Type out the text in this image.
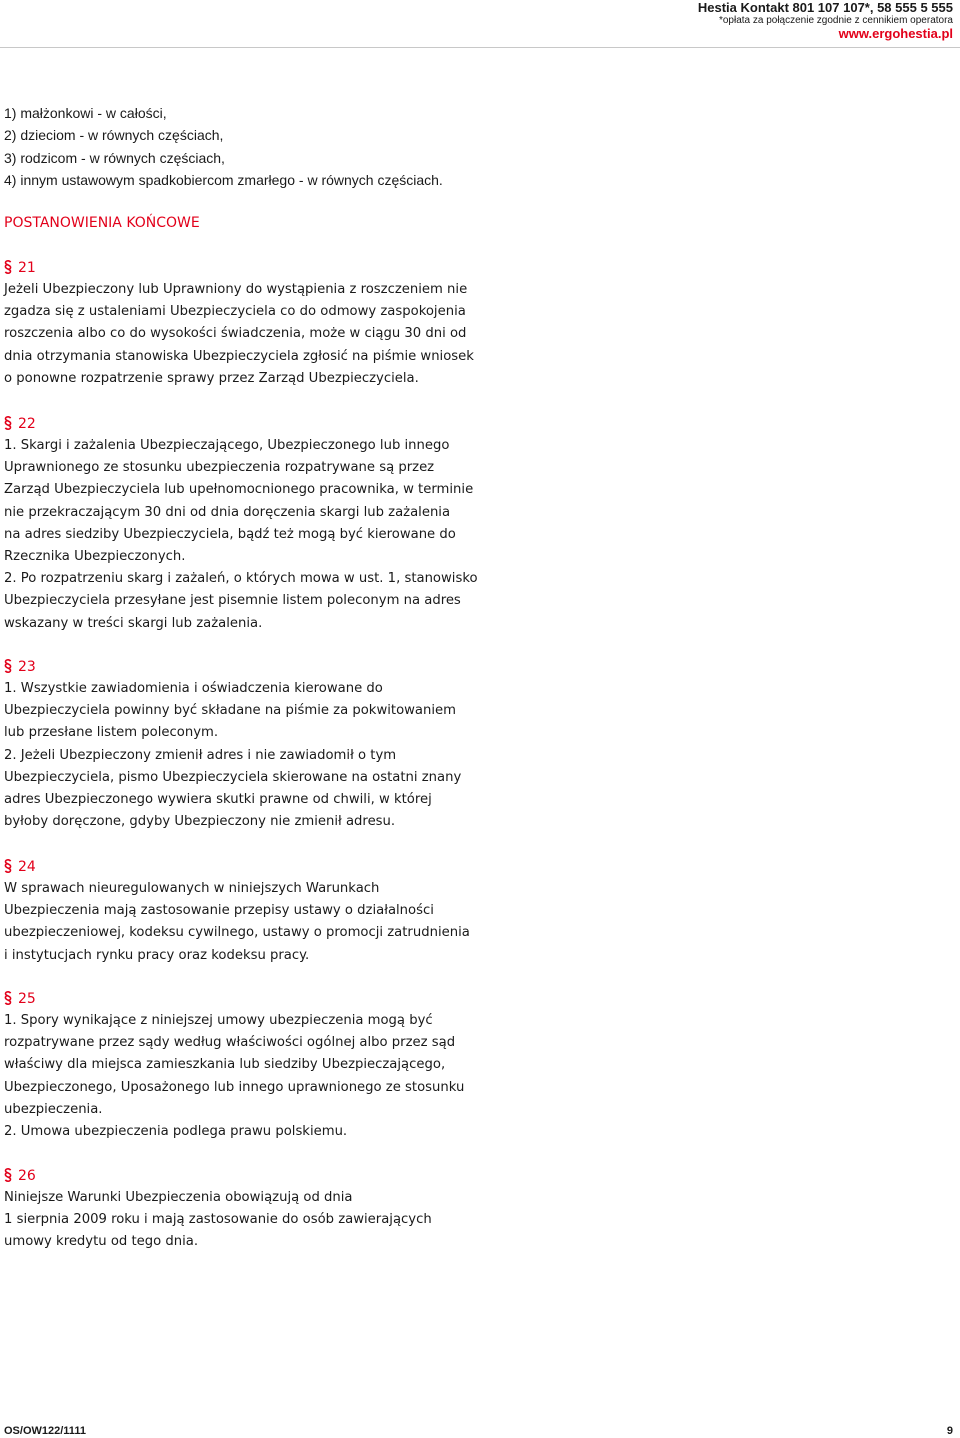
Hestia Kontakt 801 107 107*, 58 555 5 555
*opłata za połączenie zgodnie z cennikiem operatora
www.ergohestia.pl
1) małżonkowi - w całości,
2) dzieciom - w równych częściach,
3) rodzicom - w równych częściach,
4) innym ustawowym spadkobiercom zmarłego - w równych częściach.
POSTANOWIENIA KOŃCOWE
21

Jeżeli Ubezpieczony lub Uprawniony do wystąpienia z roszczeniem nie

zgadza się z ustaleniami Ubezpieczyciela co do odmowy zaspokojenia

roszczenia albo co do wysokości świadczenia, może w ciągu 30 dni od

dnia otrzymania stanowiska Ubezpieczyciela zgłosić na piśmie wniosek

o ponowne rozpatrzenie sprawy przez Zarząd Ubezpieczyciela.

22

1. Skargi i zażalenia Ubezpieczającego, Ubezpieczonego lub innego

Uprawnionego ze stosunku ubezpieczenia rozpatrywane są przez

Zarząd Ubezpieczyciela lub upełnomocnionego pracownika, w terminie

nie przekraczającym 30 dni od dnia doręczenia skargi lub zażalenia

na adres siedziby Ubezpieczyciela, bądź też mogą być kierowane do

Rzecznika Ubezpieczonych.

2. Po rozpatrzeniu skarg i zażaleń, o których mowa w ust. 1, stanowisko

Ubezpieczyciela przesyłane jest pisemnie listem poleconym na adres

wskazany w treści skargi lub zażalenia.

23

1. Wszystkie zawiadomienia i oświadczenia kierowane do

Ubezpieczyciela powinny być składane na piśmie za pokwitowaniem

lub przesłane listem poleconym.

2. Jeżeli Ubezpieczony zmienił adres i nie zawiadomił o tym

Ubezpieczyciela, pismo Ubezpieczyciela skierowane na ostatni znany

adres Ubezpieczonego wywiera skutki prawne od chwili, w której

byłoby doręczone, gdyby Ubezpieczony nie zmienił adresu.

24

W sprawach nieuregulowanych w niniejszych Warunkach

Ubezpieczenia mają zastosowanie przepisy ustawy o działalności

ubezpieczeniowej, kodeksu cywilnego, ustawy o promocji zatrudnienia

i instytucjach rynku pracy oraz kodeksu pracy.

25

1. Spory wynikające z niniejszej umowy ubezpieczenia mogą być

rozpatrywane przez sądy według właściwości ogólnej albo przez sąd

właściwy dla miejsca zamieszkania lub siedziby Ubezpieczającego,

Ubezpieczonego, Uposażonego lub innego uprawnionego ze stosunku

ubezpieczenia.

2. Umowa ubezpieczenia podlega prawu polskiemu.

26

Niniejsze Warunki Ubezpieczenia obowiązują od dnia

1 sierpnia 2009 roku i mają zastosowanie do osób zawierających

umowy kredytu od tego dnia.

OS/OW122/1111	9
